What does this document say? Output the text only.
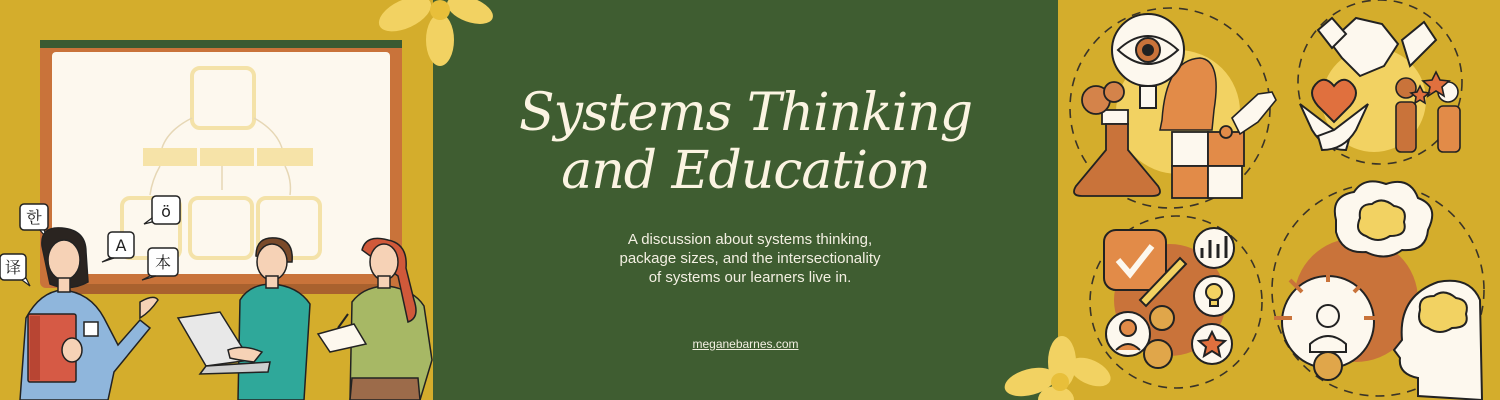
한	ö
A
本
译
Systems Thinking
and Education
A discussion about systems thinking,
package sizes, and the intersectionality
of systems our learners live in.
meganebarnes.com
